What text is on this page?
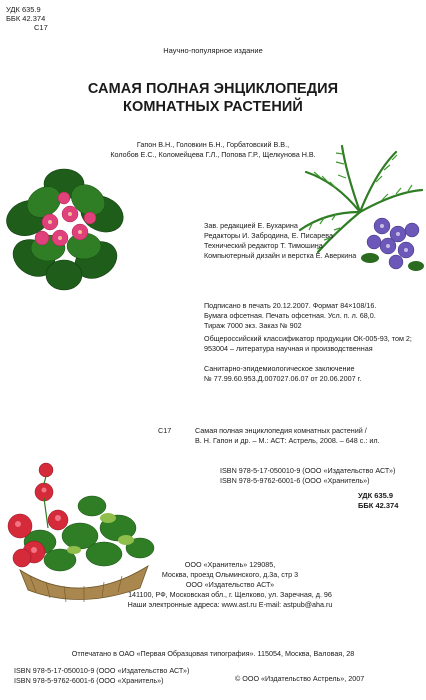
УДК 635.9
ББК 42.374
С17
Научно-популярное издание
САМАЯ ПОЛНАЯ ЭНЦИКЛОПЕДИЯ
КОМНАТНЫХ РАСТЕНИЙ
Гапон В.Н., Головкин Б.Н., Горбатовский В.В.,
Колобов Е.С., Коломейцева Г.Л., Попова Г.Р., Щелкунова Н.В.
Зав. редакцией Е. Бухарина
Редакторы И. Забродина, Е. Писарева
Технический редактор Т. Тимошина
Компьютерный дизайн и верстка Е. Аверкина
Подписано в печать 20.12.2007. Формат 84×108/16.
Бумага офсетная. Печать офсетная. Усл. п. л. 68,0.
Тираж 7000 экз. Заказ № 902
Общероссийский классификатор продукции ОК-005-93, том 2;
953004 – литература научная и производственная
Санитарно-эпидемиологическое заключение
№ 77.99.60.953.Д.007027.06.07 от 20.06.2007 г.
С17	Самая полная энциклопедия комнатных растений /
В. Н. Гапон и др. – М.: АСТ: Астрель, 2008. – 648 с.: ил.
ISBN 978-5-17-050010-9 (ООО «Издательство АСТ»)
ISBN 978-5-9762-6001-6 (ООО «Хранитель»)
УДК 635.9
ББК 42.374
ООО «Хранитель» 129085,
Москва, проезд Ольминского, д.3а, стр 3
ООО «Издательство АСТ»
141100, РФ, Московская обл., г. Щелково, ул. Заречная, д. 96
Наши электронные адреса: www.ast.ru E-mail: astpub@aha.ru
Отпечатано в ОАО «Первая Образцовая типография». 115054, Москва, Валовая, 28
ISBN 978-5-17-050010-9 (ООО «Издательство АСТ»)
ISBN 978-5-9762-6001-6 (ООО «Хранитель»)	© ООО «Издательство Астрель», 2007
